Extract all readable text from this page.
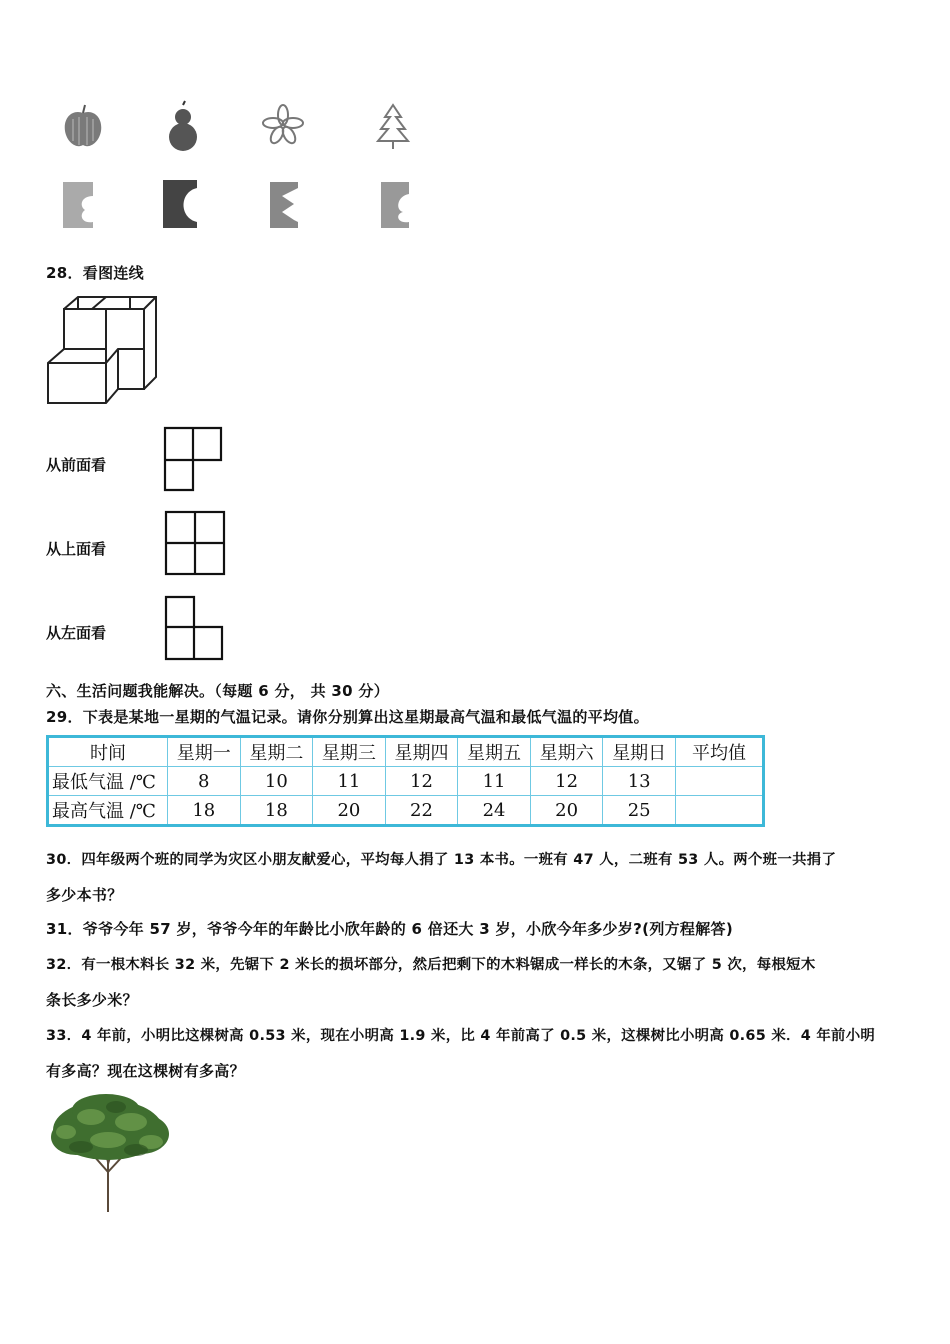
28．看图连线
从前面看
从上面看
从左面看
六、生活问题我能解决。（每题 6 分， 共 30 分）
29．下表是某地一星期的气温记录。请你分别算出这星期最高气温和最低气温的平均值。
时间	星期一	星期二	星期三	星期四	星期五	星期六	星期日	平均值
最低气温 /℃	8	10	11	12	11	12	13	
最高气温 /℃	18	18	20	22	24	20	25	
30．四年级两个班的同学为灾区小朋友献爱心，平均每人捐了 13 本书。一班有 47 人，二班有 53 人。两个班一共捐了
多少本书？
31．爷爷今年 57 岁，爷爷今年的年龄比小欣年龄的 6 倍还大 3 岁，小欣今年多少岁?(列方程解答)
32．有一根木料长 32 米，先锯下 2 米长的损坏部分，然后把剩下的木料锯成一样长的木条，又锯了 5 次，每根短木
条长多少米？
33．4 年前，小明比这棵树高 0.53 米，现在小明高 1.9 米，比 4 年前高了 0.5 米，这棵树比小明高 0.65 米．4 年前小明
有多高？现在这棵树有多高？
